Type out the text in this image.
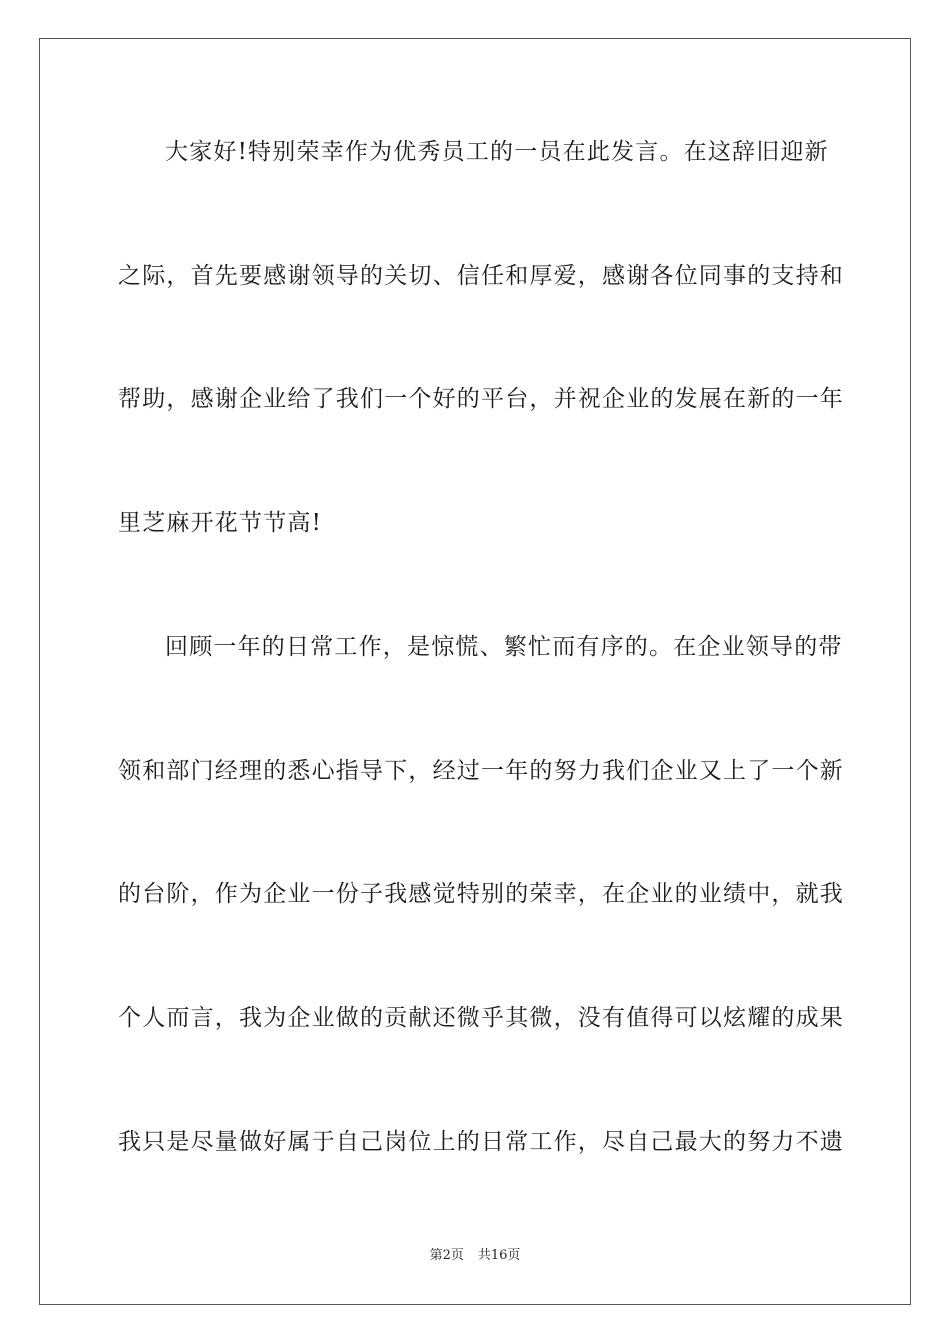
大家好!特别荣幸作为优秀员工的一员在此发言。在这辞旧迎新
之际，首先要感谢领导的关切、信任和厚爱，感谢各位同事的支持和
帮助，感谢企业给了我们一个好的平台，并祝企业的发展在新的一年
里芝麻开花节节高!
回顾一年的日常工作，是惊慌、繁忙而有序的。在企业领导的带
领和部门经理的悉心指导下，经过一年的努力我们企业又上了一个新
的台阶，作为企业一份子我感觉特别的荣幸，在企业的业绩中，就我
个人而言，我为企业做的贡献还微乎其微，没有值得可以炫耀的成果
我只是尽量做好属于自己岗位上的日常工作，尽自己最大的努力不遗
第2页 共16页
